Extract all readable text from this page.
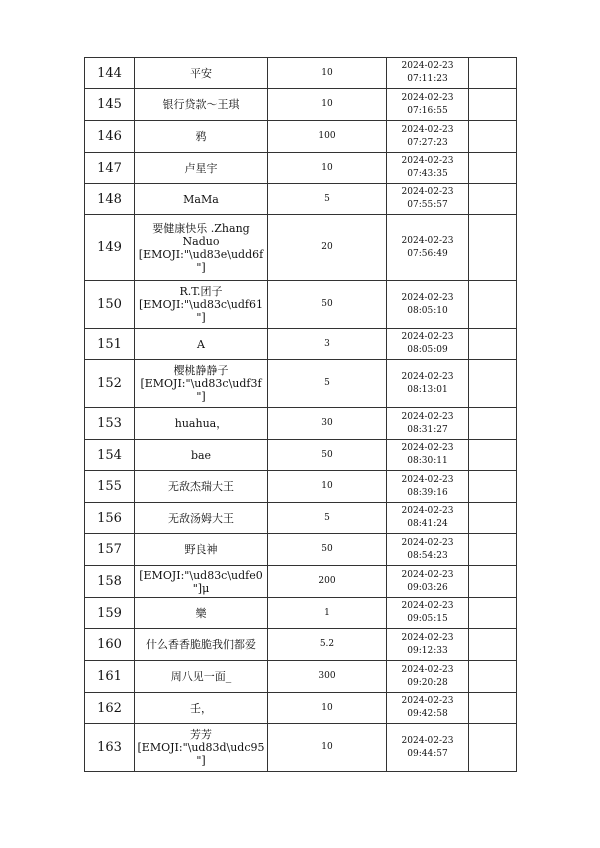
144	平安	10	2024-02-23
07:11:23	

145	银行贷款～王琪	10	2024-02-23
07:16:55	

146	鸦	100	2024-02-23
07:27:23	

147	卢星宇	10	2024-02-23
07:43:35	

148	MaMa	5	2024-02-23
07:55:57	

149	要健康快乐 .Zhang
Naduo
[EMOJI:"\ud83e\udd6f
"]	20	2024-02-23
07:56:49	

150	R.T.团子
[EMOJI:"\ud83c\udf61
"]	50	2024-02-23
08:05:10	

151	A	3	2024-02-23
08:05:09	

152	樱桃静静子
[EMOJI:"\ud83c\udf3f
"]	5	2024-02-23
08:13:01	

153	huahua，	30	2024-02-23
08:31:27	

154	bae	50	2024-02-23
08:30:11	

155	无敌杰瑞大王	10	2024-02-23
08:39:16	

156	无敌汤姆大王	5	2024-02-23
08:41:24	

157	野良神	50	2024-02-23
08:54:23	

158	[EMOJI:"\ud83c\udfe0
"]μ	200	2024-02-23
09:03:26	

159	樂	1	2024-02-23
09:05:15	

160	什么香香脆脆我们都爱	5.2	2024-02-23
09:12:33	

161	周八见一面_	300	2024-02-23
09:20:28	

162	壬，	10	2024-02-23
09:42:58	

163	芳芳
[EMOJI:"\ud83d\udc95
"]	10	2024-02-23
09:44:57	
